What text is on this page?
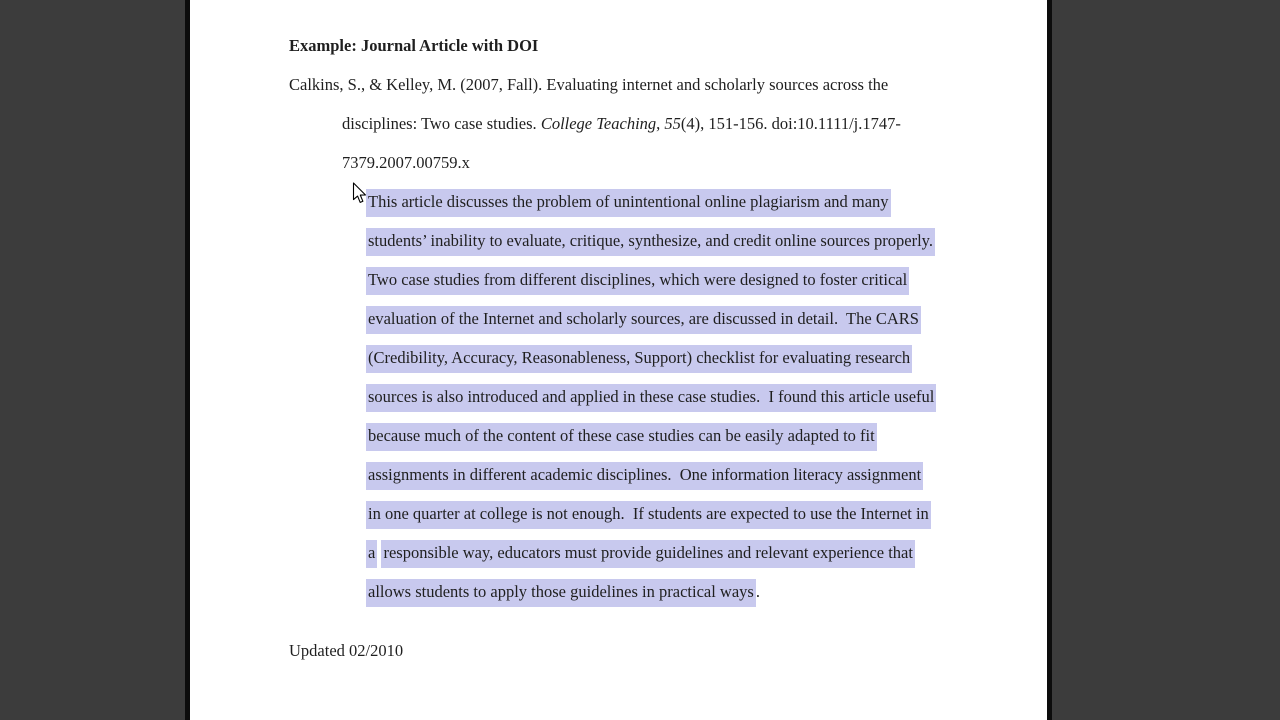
Example: Journal Article with DOI
Calkins, S., & Kelley, M. (2007, Fall). Evaluating internet and scholarly sources across the
disciplines: Two case studies. College Teaching, 55(4), 151-156. doi:10.1111/j.1747-
7379.2007.00759.x
This article discusses the problem of unintentional online plagiarism and many
students’ inability to evaluate, critique, synthesize, and credit online sources properly.
Two case studies from different disciplines, which were designed to foster critical
evaluation of the Internet and scholarly sources, are discussed in detail.  The CARS
(Credibility, Accuracy, Reasonableness, Support) checklist for evaluating research
sources is also introduced and applied in these case studies.  I found this article useful
because much of the content of these case studies can be easily adapted to fit
assignments in different academic disciplines.  One information literacy assignment
in one quarter at college is not enough.  If students are expected to use the Internet in
a responsible way, educators must provide guidelines and relevant experience that
allows students to apply those guidelines in practical ways .
Updated 02/2010
